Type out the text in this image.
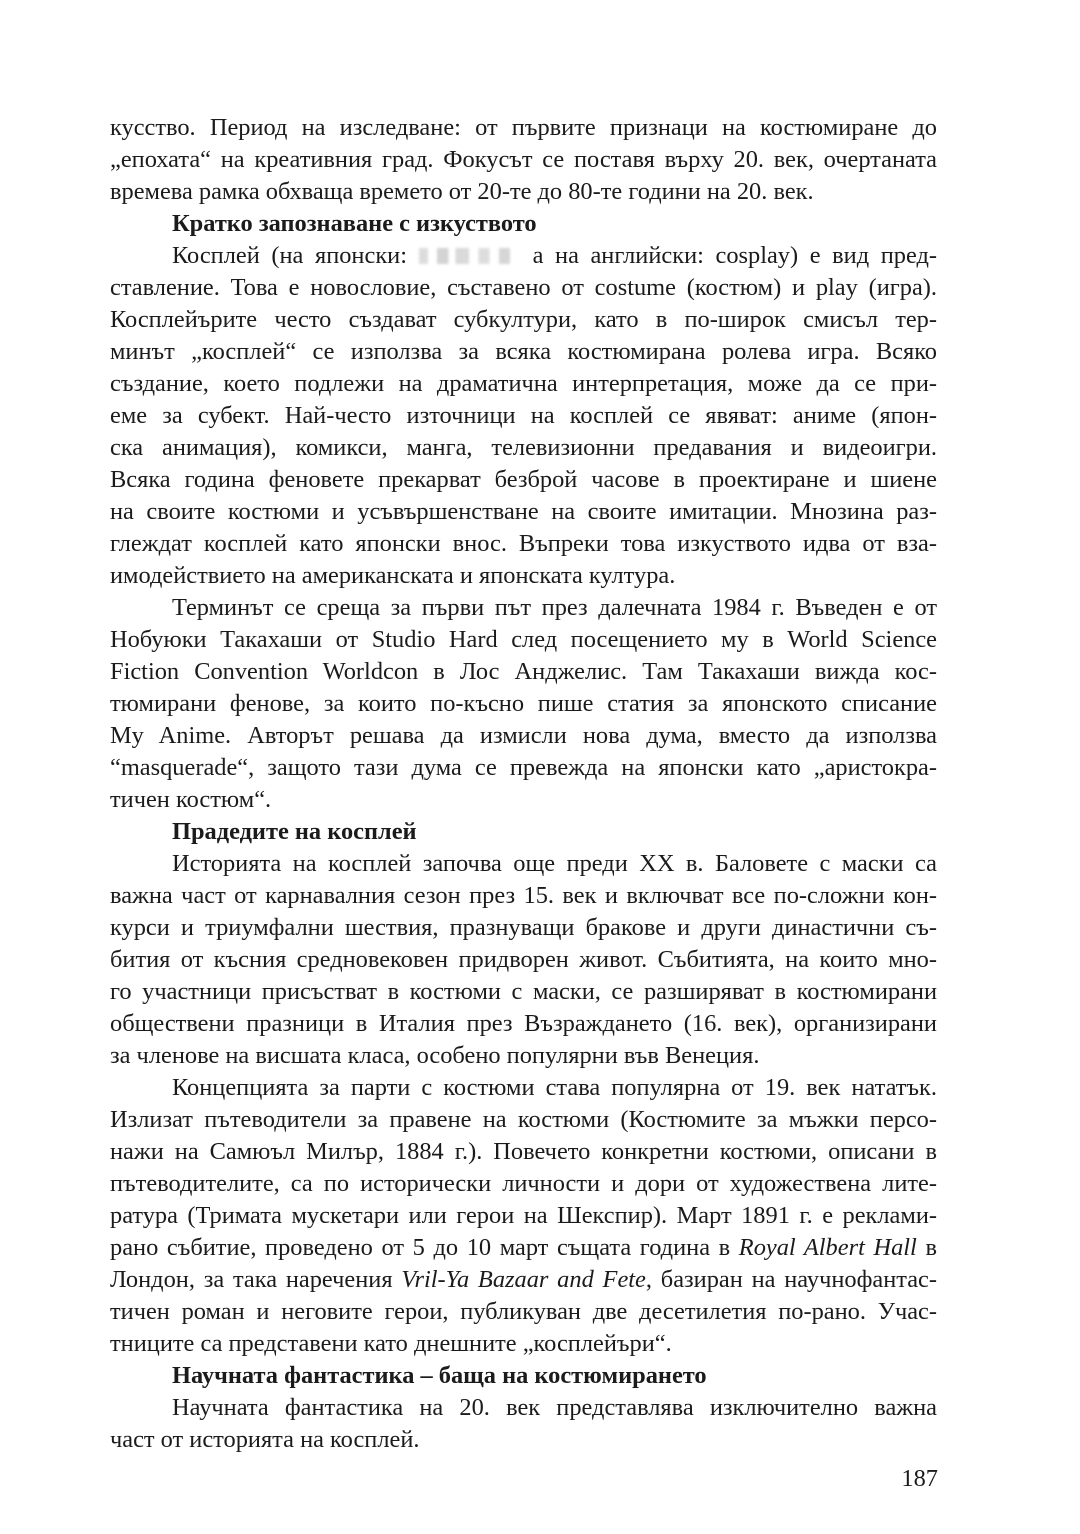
кусство. Период на изследване: от първите признаци на костюмиране до
„епохата“ на креативния град. Фокусът се поставя върху 20. век, очертаната
времева рамка обхваща времето от 20-те до 80-те години на 20. век.

Кратко запознаване с изкуството

Косплей (на японски:	а на английски: cosplay) е вид пред-
ставление. Това е новословие, съставено от costume (костюм) и play (игра).
Косплейърите често създават субкултури, като в по-широк смисъл тер-
минът „косплей“ се използва за всяка костюмирана ролева игра. Всяко
създание, което подлежи на драматична интерпретация, може да се при-
еме за субект. Най-често източници на косплей се явяват: аниме (япон-
ска анимация), комикси, манга, телевизионни предавания и видеоигри.
Всяка година феновете прекарват безброй часове в проектиране и шиене
на своите костюми и усъвършенстване на своите имитации. Мнозина раз-
глеждат косплей като японски внос. Въпреки това изкуството идва от вза-
имодействието на американската и японската култура.

Терминът се среща за първи път през далечната 1984 г. Въведен е от
Нобуюки Такахаши от Studio Hard след посещението му в World Science
Fiction Convention Worldcon в Лос Анджелис. Там Такахаши вижда кос-
тюмирани фенове, за които по-късно пише статия за японското списание
My Anime. Авторът решава да измисли нова дума, вместо да използва
“masquerade“, защото тази дума се превежда на японски като „аристокра-
тичен костюм“.

Прадедите на косплей

Историята на косплей започва още преди XX в. Баловете с маски са
важна част от карнавалния сезон през 15. век и включват все по-сложни кон-
курси и триумфални шествия, празнуващи бракове и други династични съ-
бития от късния средновековен придворен живот. Събитията, на които мно-
го участници присъстват в костюми с маски, се разширяват в костюмирани
обществени празници в Италия през Възраждането (16. век), организирани
за членове на висшата класа, особено популярни във Венеция.

Концепцията за парти с костюми става популярна от 19. век нататък.
Излизат пътеводители за правене на костюми (Костюмите за мъжки персо-
нажи на Самюъл Милър, 1884 г.). Повечето конкретни костюми, описани в
пътеводителите, са по исторически личности и дори от художествена лите-
ратура (Тримата мускетари или герои на Шекспир). Март 1891 г. е реклами-
рано събитие, проведено от 5 до 10 март същата година в Royal Albert Hall в
Лондон, за така наречения Vril-Ya Bazaar and Fete, базиран на научнофантас-
тичен роман и неговите герои, публикуван две десетилетия по-рано. Учас-
тниците са представени като днешните „косплейъри“.

Научната фантастика – баща на костюмирането

Научната фантастика на 20. век представлява изключително важна
част от историята на косплей.

187
